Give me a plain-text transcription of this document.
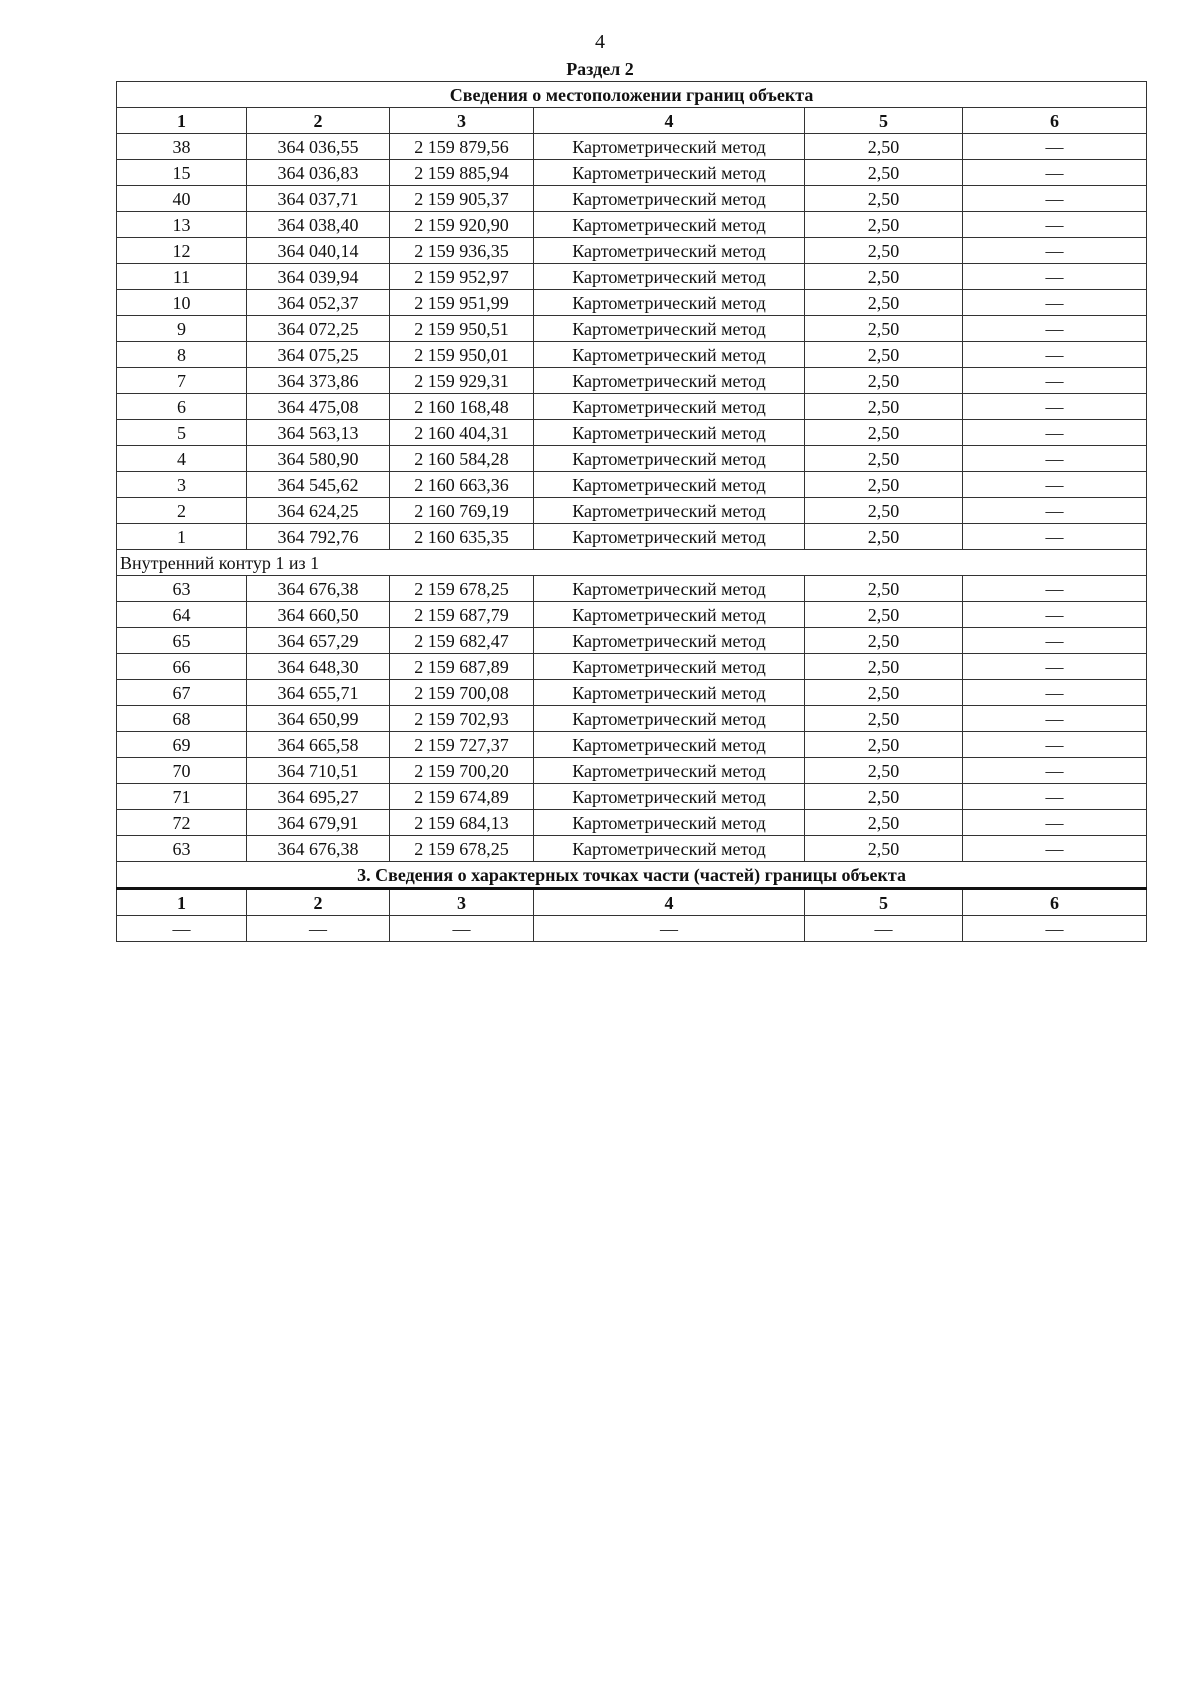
4
Раздел 2
Сведения о местоположении границ объекта					
1	2	3	4	5	6
38	364 036,55	2 159 879,56	Картометрический метод	2,50	—
15	364 036,83	2 159 885,94	Картометрический метод	2,50	—
40	364 037,71	2 159 905,37	Картометрический метод	2,50	—
13	364 038,40	2 159 920,90	Картометрический метод	2,50	—
12	364 040,14	2 159 936,35	Картометрический метод	2,50	—
11	364 039,94	2 159 952,97	Картометрический метод	2,50	—
10	364 052,37	2 159 951,99	Картометрический метод	2,50	—
9	364 072,25	2 159 950,51	Картометрический метод	2,50	—
8	364 075,25	2 159 950,01	Картометрический метод	2,50	—
7	364 373,86	2 159 929,31	Картометрический метод	2,50	—
6	364 475,08	2 160 168,48	Картометрический метод	2,50	—
5	364 563,13	2 160 404,31	Картометрический метод	2,50	—
4	364 580,90	2 160 584,28	Картометрический метод	2,50	—
3	364 545,62	2 160 663,36	Картометрический метод	2,50	—
2	364 624,25	2 160 769,19	Картометрический метод	2,50	—
1	364 792,76	2 160 635,35	Картометрический метод	2,50	—
Внутренний контур 1 из 1					
63	364 676,38	2 159 678,25	Картометрический метод	2,50	—
64	364 660,50	2 159 687,79	Картометрический метод	2,50	—
65	364 657,29	2 159 682,47	Картометрический метод	2,50	—
66	364 648,30	2 159 687,89	Картометрический метод	2,50	—
67	364 655,71	2 159 700,08	Картометрический метод	2,50	—
68	364 650,99	2 159 702,93	Картометрический метод	2,50	—
69	364 665,58	2 159 727,37	Картометрический метод	2,50	—
70	364 710,51	2 159 700,20	Картометрический метод	2,50	—
71	364 695,27	2 159 674,89	Картометрический метод	2,50	—
72	364 679,91	2 159 684,13	Картометрический метод	2,50	—
63	364 676,38	2 159 678,25	Картометрический метод	2,50	—
3. Сведения о характерных точках части (частей) границы объекта					
1	2	3	4	5	6
—	—	—	—	—	—
